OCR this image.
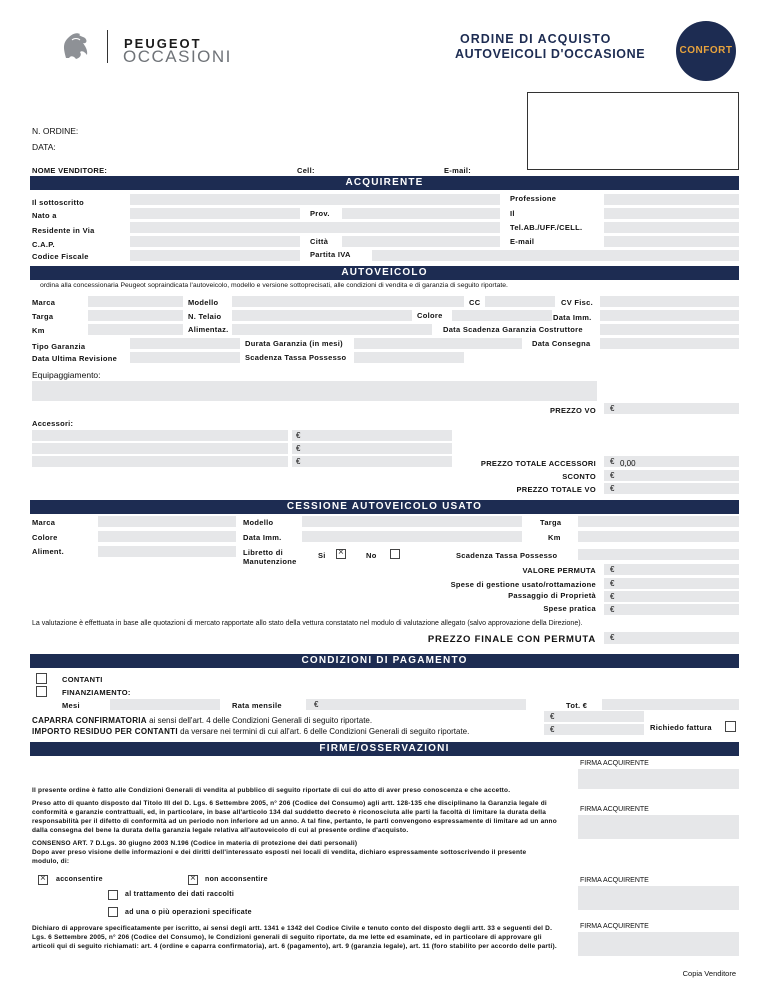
PEUGEOT
OCCASIONI
ORDINE DI ACQUISTO
AUTOVEICOLI D'OCCASIONE	CONFORT
N. ORDINE:
DATA:
NOME VENDITORE:	Cell:	E-mail:
ACQUIRENTE
Il sottoscritto	Professione
Nato a	Prov.	Il
Residente in Via	Tel.AB./UFF./CELL.
C.A.P.	Città	E-mail
Codice Fiscale	Partita IVA
AUTOVEICOLO
ordina alla concessionaria Peugeot sopraindicata l'autoveicolo, modello e versione sottoprecisati, alle condizioni di vendita e di garanzia di seguito riportate.
Marca	Modello	CC	CV Fisc.
Targa	N. Telaio	Colore	Data Imm.
Km	Alimentaz.	Data Scadenza Garanzia Costruttore
Tipo Garanzia	Durata Garanzia (in mesi)	Data Consegna
Data Ultima Revisione	Scadenza Tassa Possesso
Equipaggiamento:
PREZZO VO €
Accessori:
€
€
€	PREZZO TOTALE ACCESSORI € 0,00
SCONTO €
PREZZO TOTALE VO €
CESSIONE AUTOVEICOLO USATO
Marca	Modello	Targa
Colore	Data Imm.	Km
Aliment.	Libretto di Manutenzione
Si ×	No	Scadenza Tassa Possesso
VALORE PERMUTA €
Spese di gestione usato/rottamazione €
Passaggio di Proprietà €
Spese pratica €
La valutazione è effettuata in base alle quotazioni di mercato rapportate allo stato della vettura constatato nel modulo di valutazione allegato (salvo approvazione della Direzione).
PREZZO FINALE CON PERMUTA €
CONDIZIONI DI PAGAMENTO
CONTANTI
FINANZIAMENTO:
Mesi	Rata mensile	€	Tot. €
CAPARRA CONFIRMATORIA ai sensi dell'art. 4 delle Condizioni Generali di seguito riportate.	€
IMPORTO RESIDUO PER CONTANTI da versare nei termini di cui all'art. 6 delle Condizioni Generali di seguito riportate.	€	Richiedo fattura
FIRME/OSSERVAZIONI
FIRMA ACQUIRENTE
Il presente ordine è fatto alle Condizioni Generali di vendita al pubblico di seguito riportate di cui do atto di aver preso conoscenza e che accetto.
Preso atto di quanto disposto dal Titolo III del D. Lgs. 6 Settembre 2005, n° 206 (Codice del Consumo) agli artt. 128-135 che disciplinano la Garanzia legale di conformità e garanzie contrattuali, ed, in particolare, in base all'articolo 134 dal suddetto decreto è riconosciuta alle parti la facoltà di limitare la durata della responsabilità per il difetto di conformità ad un periodo non inferiore ad un anno. A tal fine, pertanto, le parti convengono espressamente di limitare ad un anno dalla consegna del bene la durata della garanzia legale relativa all'autoveicolo di cui al presente ordine d'acquisto.
CONSENSO ART. 7 D.Lgs. 30 giugno 2003 N.196 (Codice in materia di protezione dei dati personali)
Dopo aver preso visione delle informazioni e dei diritti dell'interessato esposti nei locali di vendita, dichiaro espressamente sottoscrivendo il presente modulo, di:
FIRMA ACQUIRENTE
×
acconsentire ×	non acconsentire	FIRMA ACQUIRENTE
al trattamento dei dati raccolti
ad una o più operazioni specificate
Dichiaro di approvare specificatamente per iscritto, ai sensi degli artt. 1341 e 1342 del Codice Civile e tenuto conto del disposto degli artt. 33 e seguenti del D. Lgs. 6 Settembre 2005, n° 206 (Codice del Consumo), le Condizioni generali di seguito riportate, da me lette ed esaminate, ed in particolare di approvare gli articoli qui di seguito richiamati: art. 4 (ordine e caparra confirmatoria), art. 6 (pagamento), art. 9 (garanzia legale), art. 11 (foro stabilito per accordo delle parti).
FIRMA ACQUIRENTE
Copia Venditore
